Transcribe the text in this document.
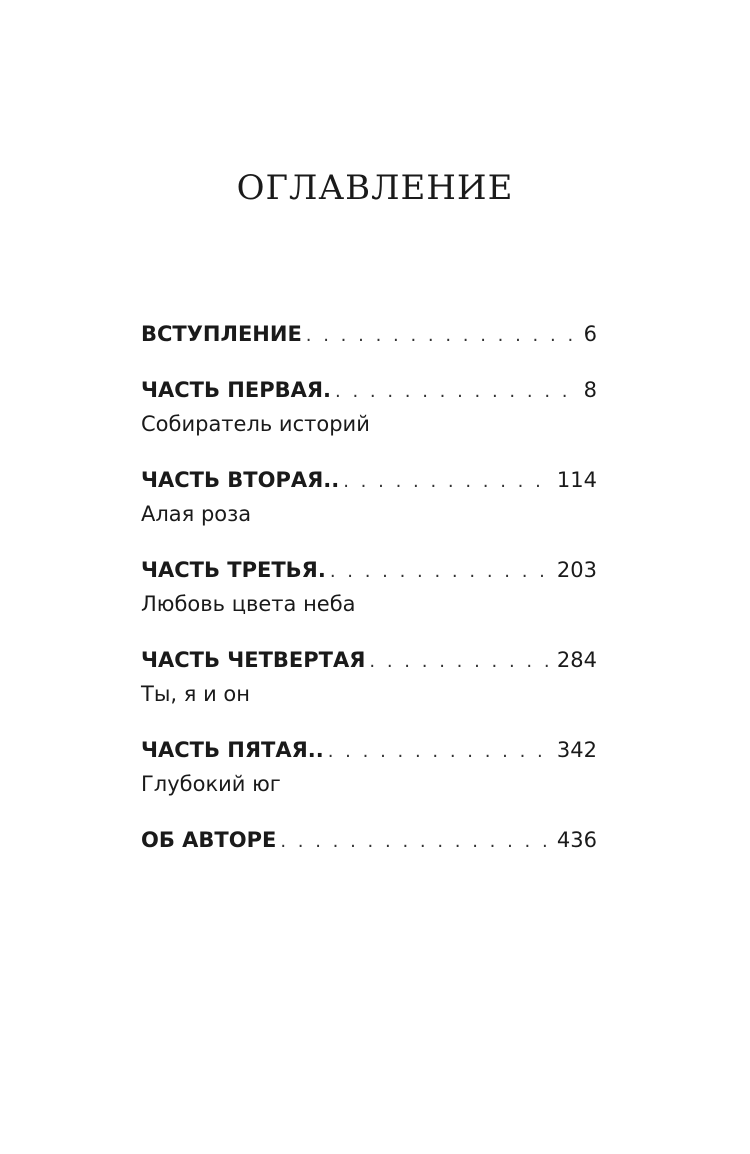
ОГЛАВЛЕНИЕ
ВСТУПЛЕНИЕ . . .	6
ЧАСТЬ ПЕРВАЯ. . . .	8
Собиратель историй
ЧАСТЬ ВТОРАЯ.. . . .	114
Алая роза
ЧАСТЬ ТРЕТЬЯ. . . .	203
Любовь цвета неба
ЧАСТЬ ЧЕТВЕРТАЯ . . .	284
Ты, я и он
ЧАСТЬ ПЯТАЯ.. . . .	342
Глубокий юг
ОБ АВТОРЕ . . .	436
